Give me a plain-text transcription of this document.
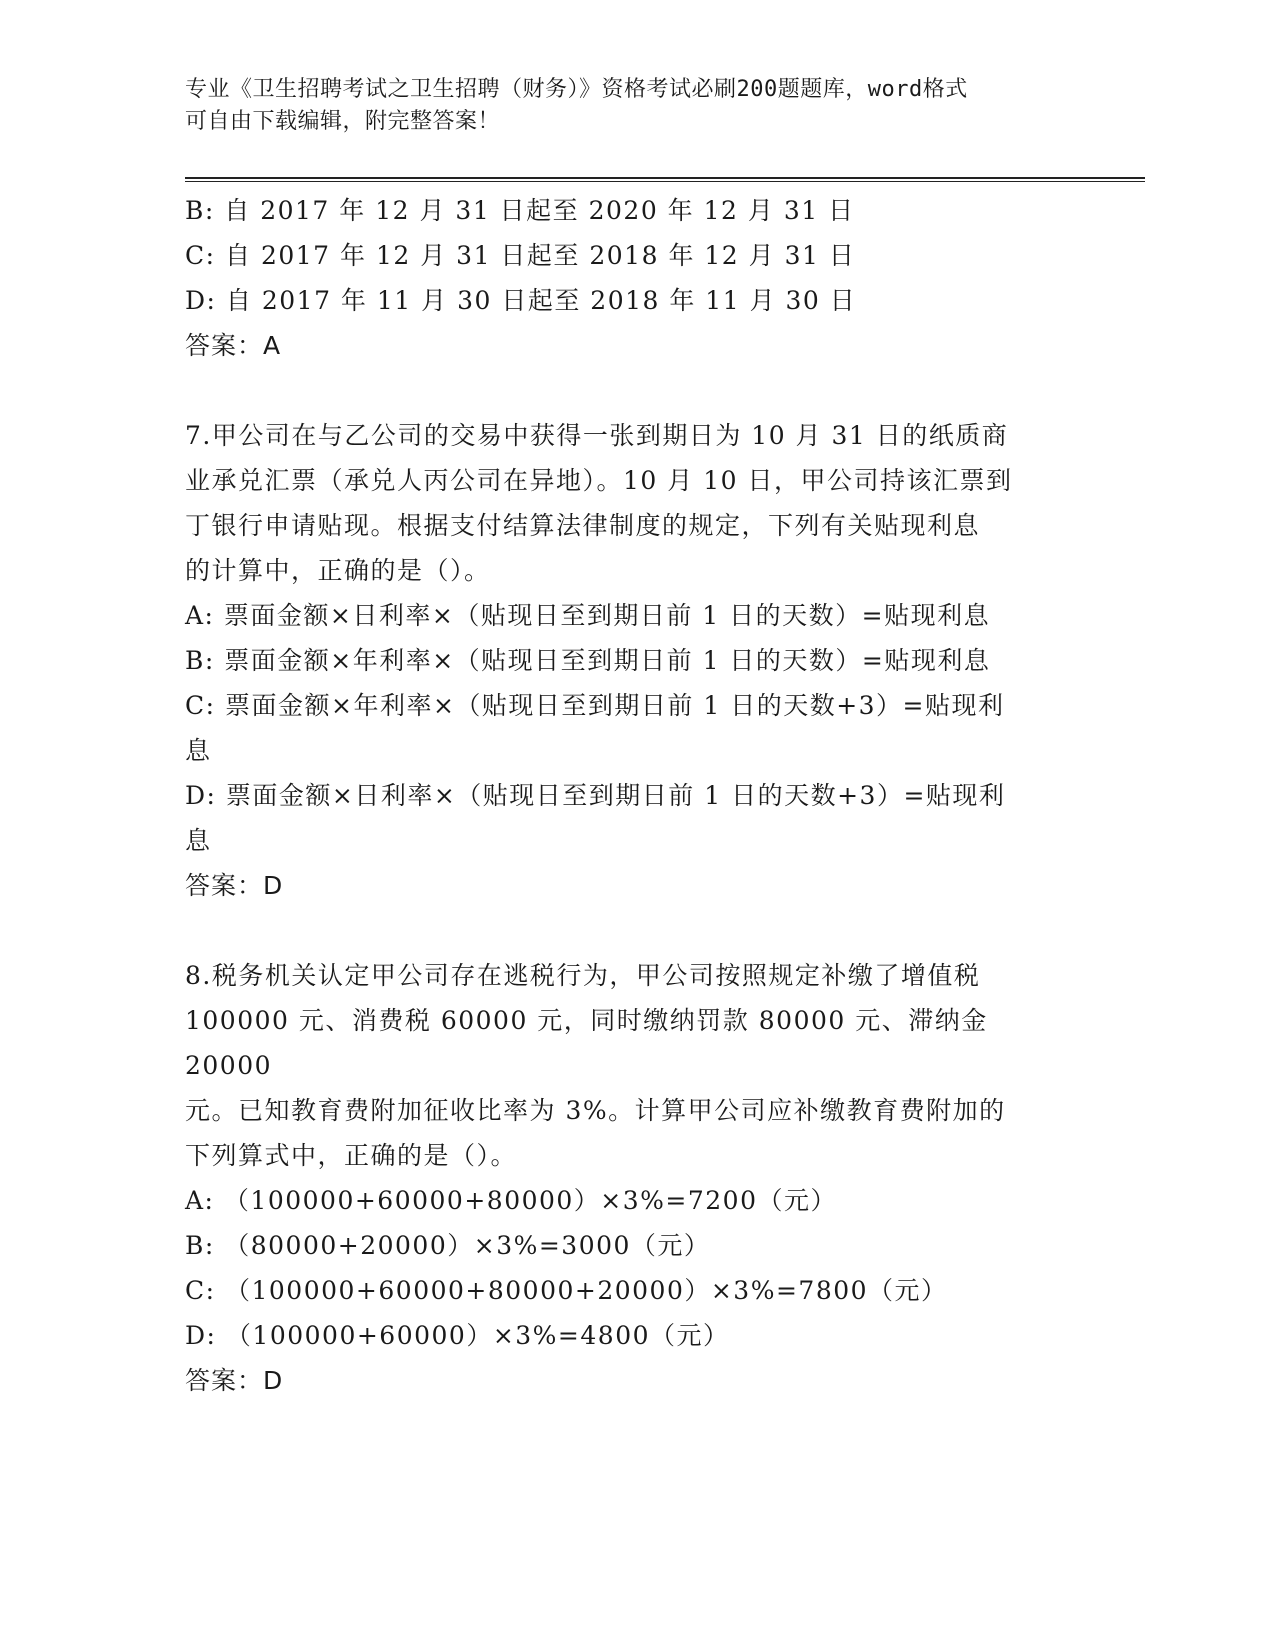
专业《卫生招聘考试之卫生招聘（财务）》资格考试必刷200题题库，word格式
可自由下载编辑，附完整答案！
B: 自 2017 年 12 月 31 日起至 2020 年 12 月 31 日
C: 自 2017 年 12 月 31 日起至 2018 年 12 月 31 日
D: 自 2017 年 11 月 30 日起至 2018 年 11 月 30 日
答案：A
7.甲公司在与乙公司的交易中获得一张到期日为 10 月 31 日的纸质商
业承兑汇票（承兑人丙公司在异地）。10 月 10 日，甲公司持该汇票到
丁银行申请贴现。根据支付结算法律制度的规定，下列有关贴现利息
的计算中，正确的是（）。
A: 票面金额×日利率×（贴现日至到期日前 1 日的天数）=贴现利息
B: 票面金额×年利率×（贴现日至到期日前 1 日的天数）=贴现利息
C: 票面金额×年利率×（贴现日至到期日前 1 日的天数+3）=贴现利
息
D: 票面金额×日利率×（贴现日至到期日前 1 日的天数+3）=贴现利
息
答案：D
8.税务机关认定甲公司存在逃税行为，甲公司按照规定补缴了增值税
100000 元、消费税 60000 元，同时缴纳罚款 80000 元、滞纳金 20000
元。已知教育费附加征收比率为 3%。计算甲公司应补缴教育费附加的
下列算式中，正确的是（）。
A: （100000+60000+80000）×3%=7200（元）
B: （80000+20000）×3%=3000（元）
C: （100000+60000+80000+20000）×3%=7800（元）
D: （100000+60000）×3%=4800（元）
答案：D
